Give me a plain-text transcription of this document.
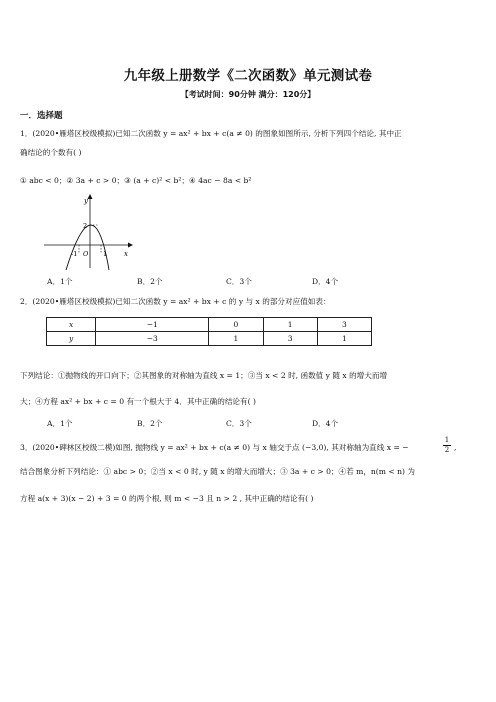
九年级上册数学《二次函数》单元测试卷
【考试时间：90分钟 满分：120分】
一．选择题
1．(2020•雁塔区校级模拟)已知二次函数 y = ax² + bx + c(a ≠ 0) 的图象如图所示, 分析下列四个结论, 其中正
确结论的个数有( )
① abc < 0；② 3a + c > 0；③ (a + c)² < b²；④ 4ac − 8a < b²
y
x
2
-1 O 1
A．1个	B．2个	C．3个	D．4个
2．(2020•雁塔区校级模拟)已知二次函数 y = ax² + bx + c 的 y 与 x 的部分对应值如表：
x	−1	0	1	3
y	−3	1	3	1
下列结论：①抛物线的开口向下；②其图象的对称轴为直线 x = 1；③当 x < 2 时, 函数值 y 随 x 的增大而增
大；④方程 ax² + bx + c = 0 有一个根大于 4．其中正确的结论有( )
A．1个	B．2个	C．3个	D．4个
3．(2020•碑林区校级二模)如图, 抛物线 y = ax² + bx + c(a ≠ 0) 与 x 轴交于点 (−3,0), 其对称轴为直线 x = −
1
2 ,
结合图象分析下列结论：① abc > 0；②当 x < 0 时, y 随 x 的增大而增大；③ 3a + c > 0；④若 m，n(m < n) 为
方程 a(x + 3)(x − 2) + 3 = 0 的两个根, 则 m < −3 且 n > 2 , 其中正确的结论有( )
